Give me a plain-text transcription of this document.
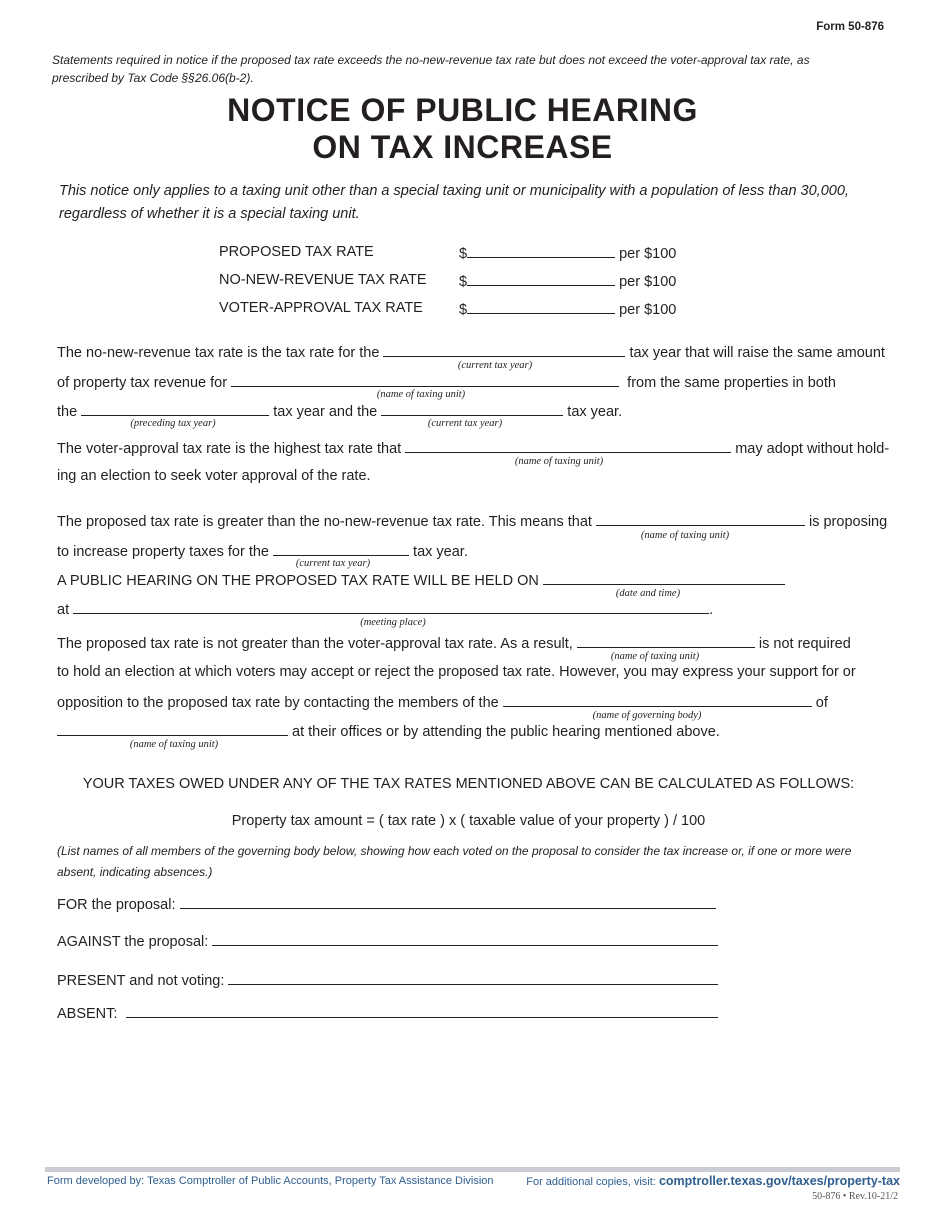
Form 50-876
Statements required in notice if the proposed tax rate exceeds the no-new-revenue tax rate but does not exceed the voter-approval tax rate, as prescribed by Tax Code §§26.06(b-2).
NOTICE OF PUBLIC HEARING
ON TAX INCREASE
This notice only applies to a taxing unit other than a special taxing unit or municipality with a population of less than 30,000, regardless of whether it is a special taxing unit.
PROPOSED TAX RATE	$	per $100
NO-NEW-REVENUE TAX RATE $	per $100
VOTER-APPROVAL TAX RATE $	per $100
The no-new-revenue tax rate is the tax rate for the	tax year that will raise the same amount
(current tax year)
of property tax revenue for	from the same properties in both
(name of taxing unit)
the	tax year and the	tax year.
(preceding tax year)	(current tax year)
The voter-approval tax rate is the highest tax rate that	may adopt without hold-
(name of taxing unit)
ing an election to seek voter approval of the rate.
The proposed tax rate is greater than the no-new-revenue tax rate. This means that	is proposing
(name of taxing unit)
to increase property taxes for the	tax year.
(current tax year)
A PUBLIC HEARING ON THE PROPOSED TAX RATE WILL BE HELD ON
(date and time)
at	.
(meeting place)
The proposed tax rate is not greater than the voter-approval tax rate. As a result,	is not required
(name of taxing unit)
to hold an election at which voters may accept or reject the proposed tax rate. However, you may express your support for or
opposition to the proposed tax rate by contacting the members of the	of
(name of governing body)
at their offices or by attending the public hearing mentioned above.
(name of taxing unit)
YOUR TAXES OWED UNDER ANY OF THE TAX RATES MENTIONED ABOVE CAN BE CALCULATED AS FOLLOWS:
Property tax amount = ( tax rate ) x ( taxable value of your property ) / 100
(List names of all members of the governing body below, showing how each voted on the proposal to consider the tax increase or, if one or more were absent, indicating absences.)
FOR the proposal:
AGAINST the proposal:
PRESENT and not voting:
ABSENT:
Form developed by: Texas Comptroller of Public Accounts, Property Tax Assistance Division	For additional copies, visit: comptroller.texas.gov/taxes/property-tax
50-876 • Rev.10-21/2
